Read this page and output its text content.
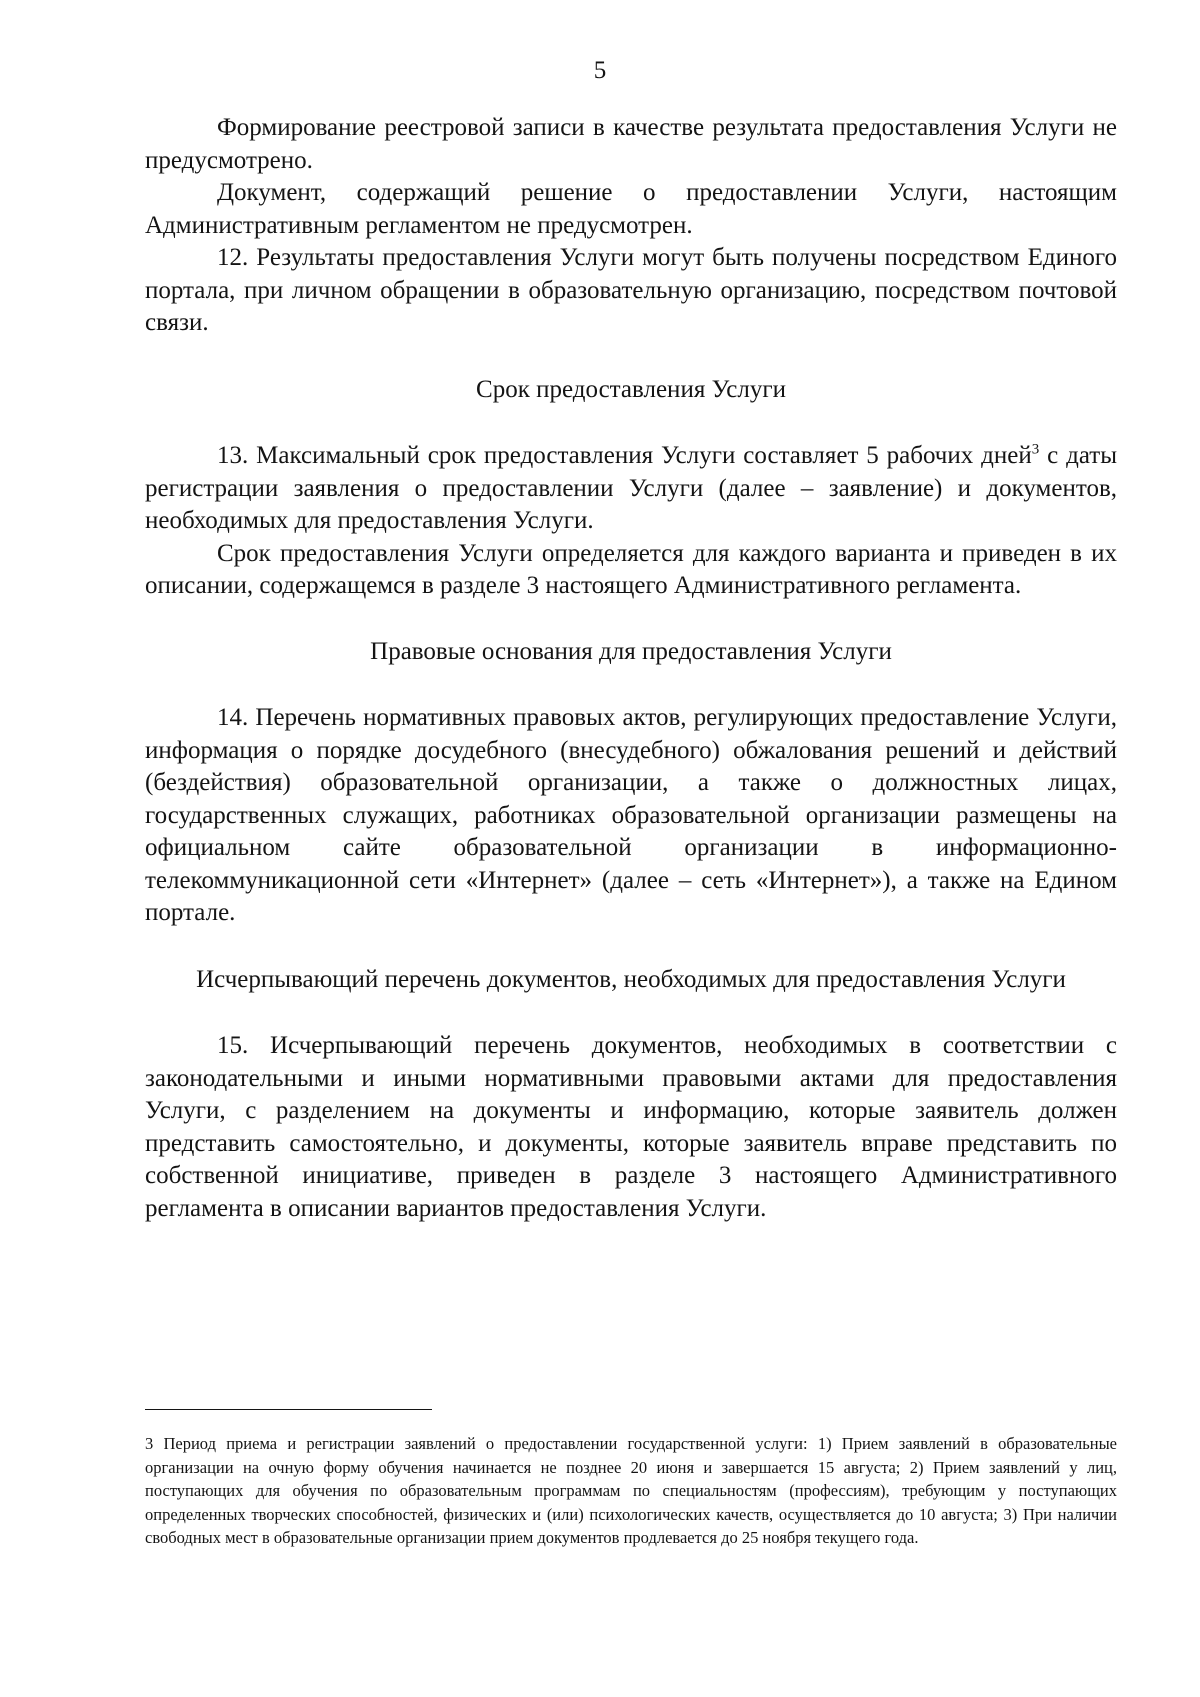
5

Формирование реестровой записи в качестве результата предоставления Услуги не предусмотрено.

Документ, содержащий решение о предоставлении Услуги, настоящим Административным регламентом не предусмотрен.

12. Результаты предоставления Услуги могут быть получены посредством Единого портала, при личном обращении в образовательную организацию, посредством почтовой связи.

Срок предоставления Услуги

13. Максимальный срок предоставления Услуги составляет 5 рабочих дней$^3$ с даты регистрации заявления о предоставлении Услуги (далее – заявление) и документов, необходимых для предоставления Услуги.

Срок предоставления Услуги определяется для каждого варианта и приведен в их описании, содержащемся в разделе 3 настоящего Административного регламента.

Правовые основания для предоставления Услуги

14. Перечень нормативных правовых актов, регулирующих предоставление Услуги, информация о порядке досудебного (внесудебного) обжалования решений и действий (бездействия) образовательной организации, а также о должностных лицах, государственных служащих, работниках образовательной организации размещены на официальном сайте образовательной организации в информационно-телекоммуникационной сети «Интернет» (далее – сеть «Интернет»), а также на Едином портале.

Исчерпывающий перечень документов, необходимых для предоставления Услуги

15. Исчерпывающий перечень документов, необходимых в соответствии с законодательными и иными нормативными правовыми актами для предоставления Услуги, с разделением на документы и информацию, которые заявитель должен представить самостоятельно, и документы, которые заявитель вправе представить по собственной инициативе, приведен в разделе 3 настоящего Административного регламента в описании вариантов предоставления Услуги.

3 Период приема и регистрации заявлений о предоставлении государственной услуги: 1) Прием заявлений в образовательные организации на очную форму обучения начинается не позднее 20 июня и завершается 15 августа; 2) Прием заявлений у лиц, поступающих для обучения по образовательным программам по специальностям (профессиям), требующим у поступающих определенных творческих способностей, физических и (или) психологических качеств, осуществляется до 10 августа; 3) При наличии свободных мест в образовательные организации прием документов продлевается до 25 ноября текущего года.
